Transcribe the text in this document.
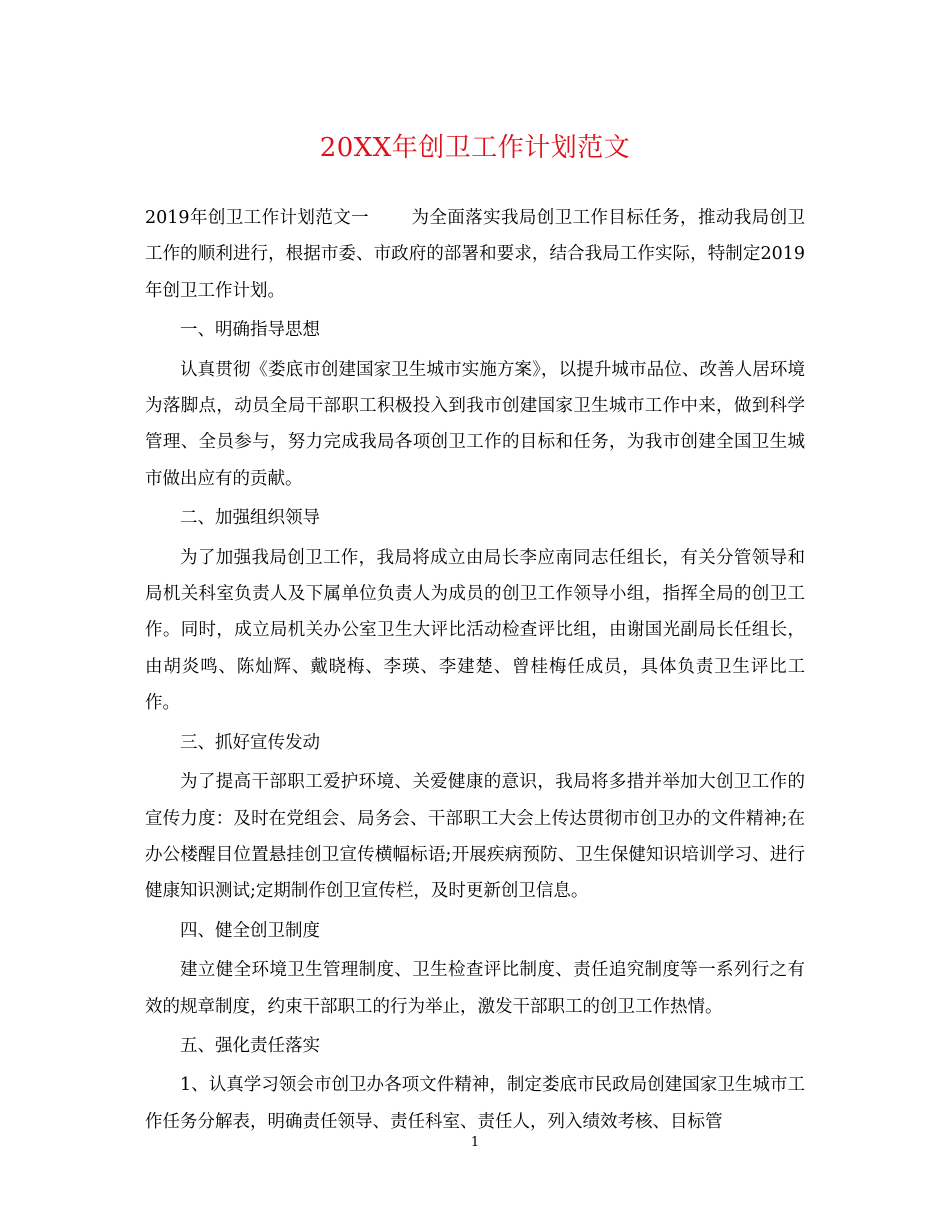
20XX年创卫工作计划范文

2019年创卫工作计划范文一 为全面落实我局创卫工作目标任务，推动我局创卫工作的顺利进行，根据市委、市政府的部署和要求，结合我局工作实际，特制定2019年创卫工作计划。

一、明确指导思想

认真贯彻《娄底市创建国家卫生城市实施方案》，以提升城市品位、改善人居环境为落脚点，动员全局干部职工积极投入到我市创建国家卫生城市工作中来，做到科学管理、全员参与，努力完成我局各项创卫工作的目标和任务，为我市创建全国卫生城市做出应有的贡献。

二、加强组织领导

为了加强我局创卫工作，我局将成立由局长李应南同志任组长，有关分管领导和局机关科室负责人及下属单位负责人为成员的创卫工作领导小组，指挥全局的创卫工作。同时，成立局机关办公室卫生大评比活动检查评比组，由谢国光副局长任组长，由胡炎鸣、陈灿辉、戴晓梅、李瑛、李建楚、曾桂梅任成员，具体负责卫生评比工作。

三、抓好宣传发动

为了提高干部职工爱护环境、关爱健康的意识，我局将多措并举加大创卫工作的宣传力度：及时在党组会、局务会、干部职工大会上传达贯彻市创卫办的文件精神;在办公楼醒目位置悬挂创卫宣传横幅标语;开展疾病预防、卫生保健知识培训学习、进行健康知识测试;定期制作创卫宣传栏，及时更新创卫信息。

四、健全创卫制度

建立健全环境卫生管理制度、卫生检查评比制度、责任追究制度等一系列行之有效的规章制度，约束干部职工的行为举止，激发干部职工的创卫工作热情。

五、强化责任落实

1、认真学习领会市创卫办各项文件精神，制定娄底市民政局创建国家卫生城市工作任务分解表，明确责任领导、责任科室、责任人，列入绩效考核、目标管

1
